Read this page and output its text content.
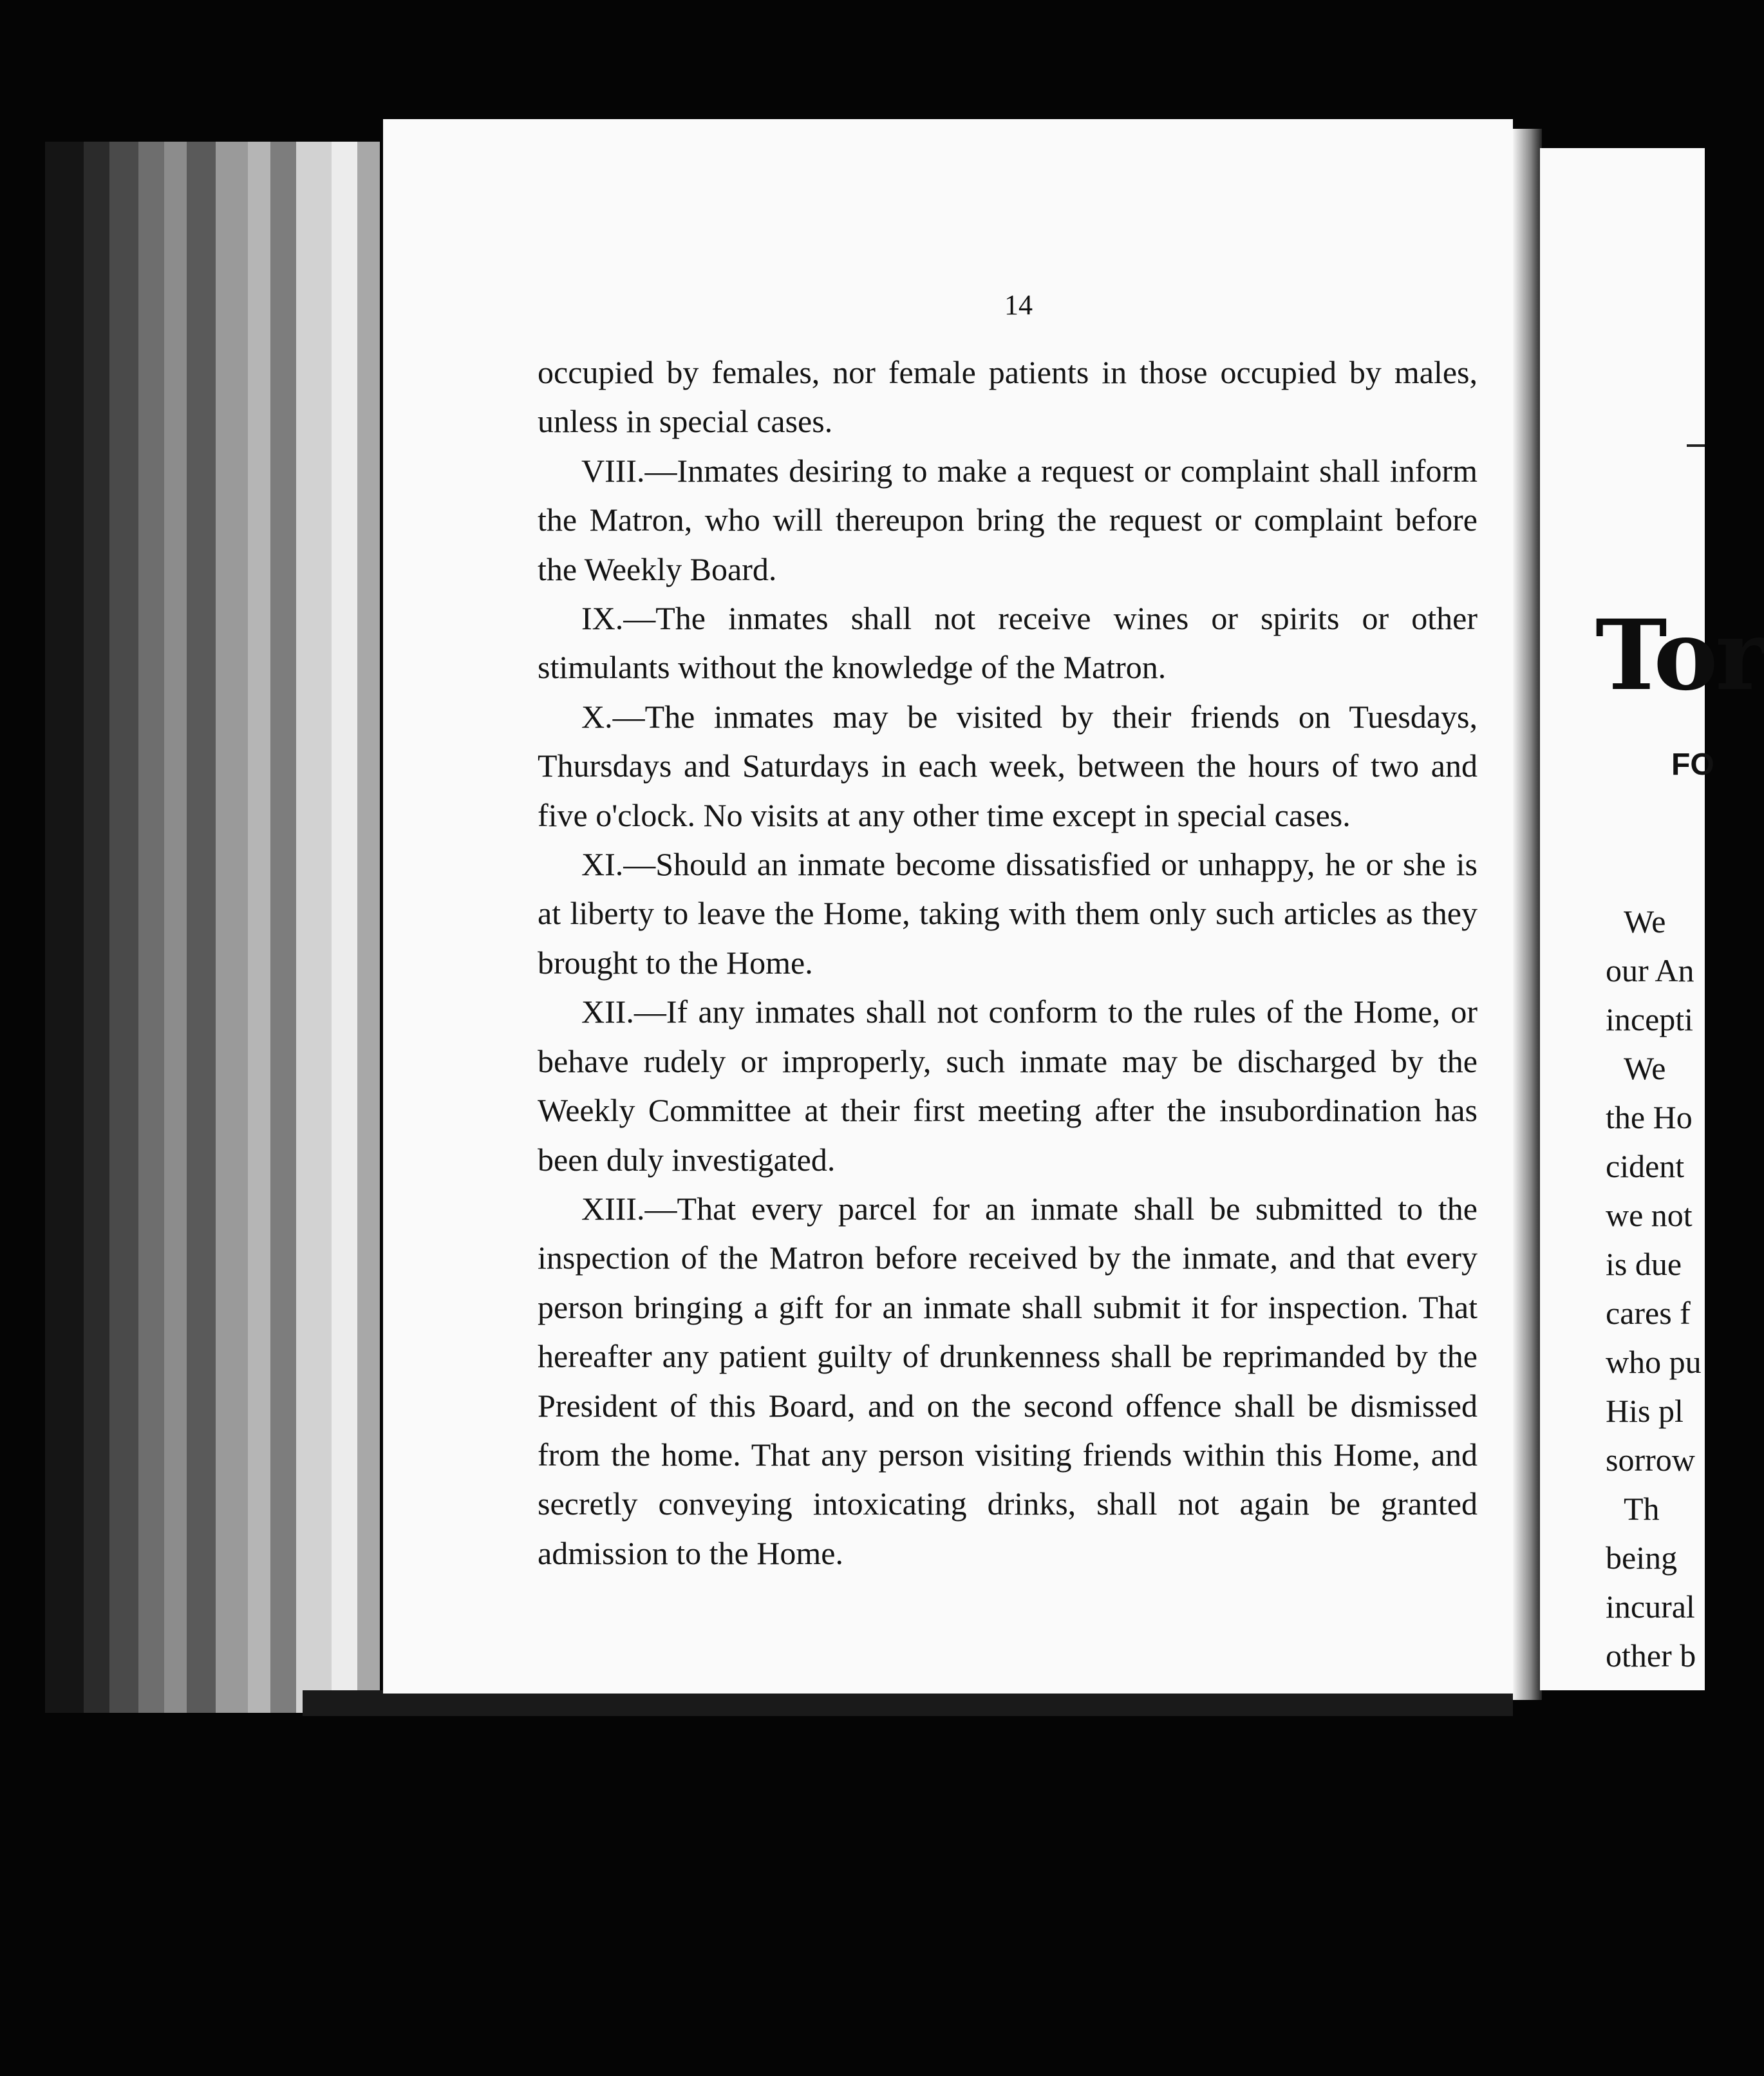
14

occupied by females, nor female patients in those occupied by males, unless in special cases.

VIII.—Inmates desiring to make a request or complaint shall inform the Matron, who will thereupon bring the request or complaint before the Weekly Board.

IX.—The inmates shall not receive wines or spirits or other stimulants without the knowledge of the Matron.

X.—The inmates may be visited by their friends on Tuesdays, Thursdays and Saturdays in each week, between the hours of two and five o'clock. No visits at any other time except in special cases.

XI.—Should an inmate become dissatisfied or unhappy, he or she is at liberty to leave the Home, taking with them only such articles as they brought to the Home.

XII.—If any inmates shall not conform to the rules of the Home, or behave rudely or improperly, such inmate may be discharged by the Weekly Committee at their first meeting after the insubordination has been duly investigated.

XIII.—That every parcel for an inmate shall be submitted to the inspection of the Matron before received by the inmate, and that every person bringing a gift for an inmate shall submit it for inspection. That hereafter any patient guilty of drunkenness shall be reprimanded by the President of this Board, and on the second offence shall be dismissed from the home. That any person visiting friends within this Home, and secretly conveying intoxicating drinks, shall not again be granted admission to the Home.

Tor
FO
We
our An
incepti
We
the Ho
cident
we not
is due
cares f
who pu
His pl
sorrow
Th
being
incural
other b
